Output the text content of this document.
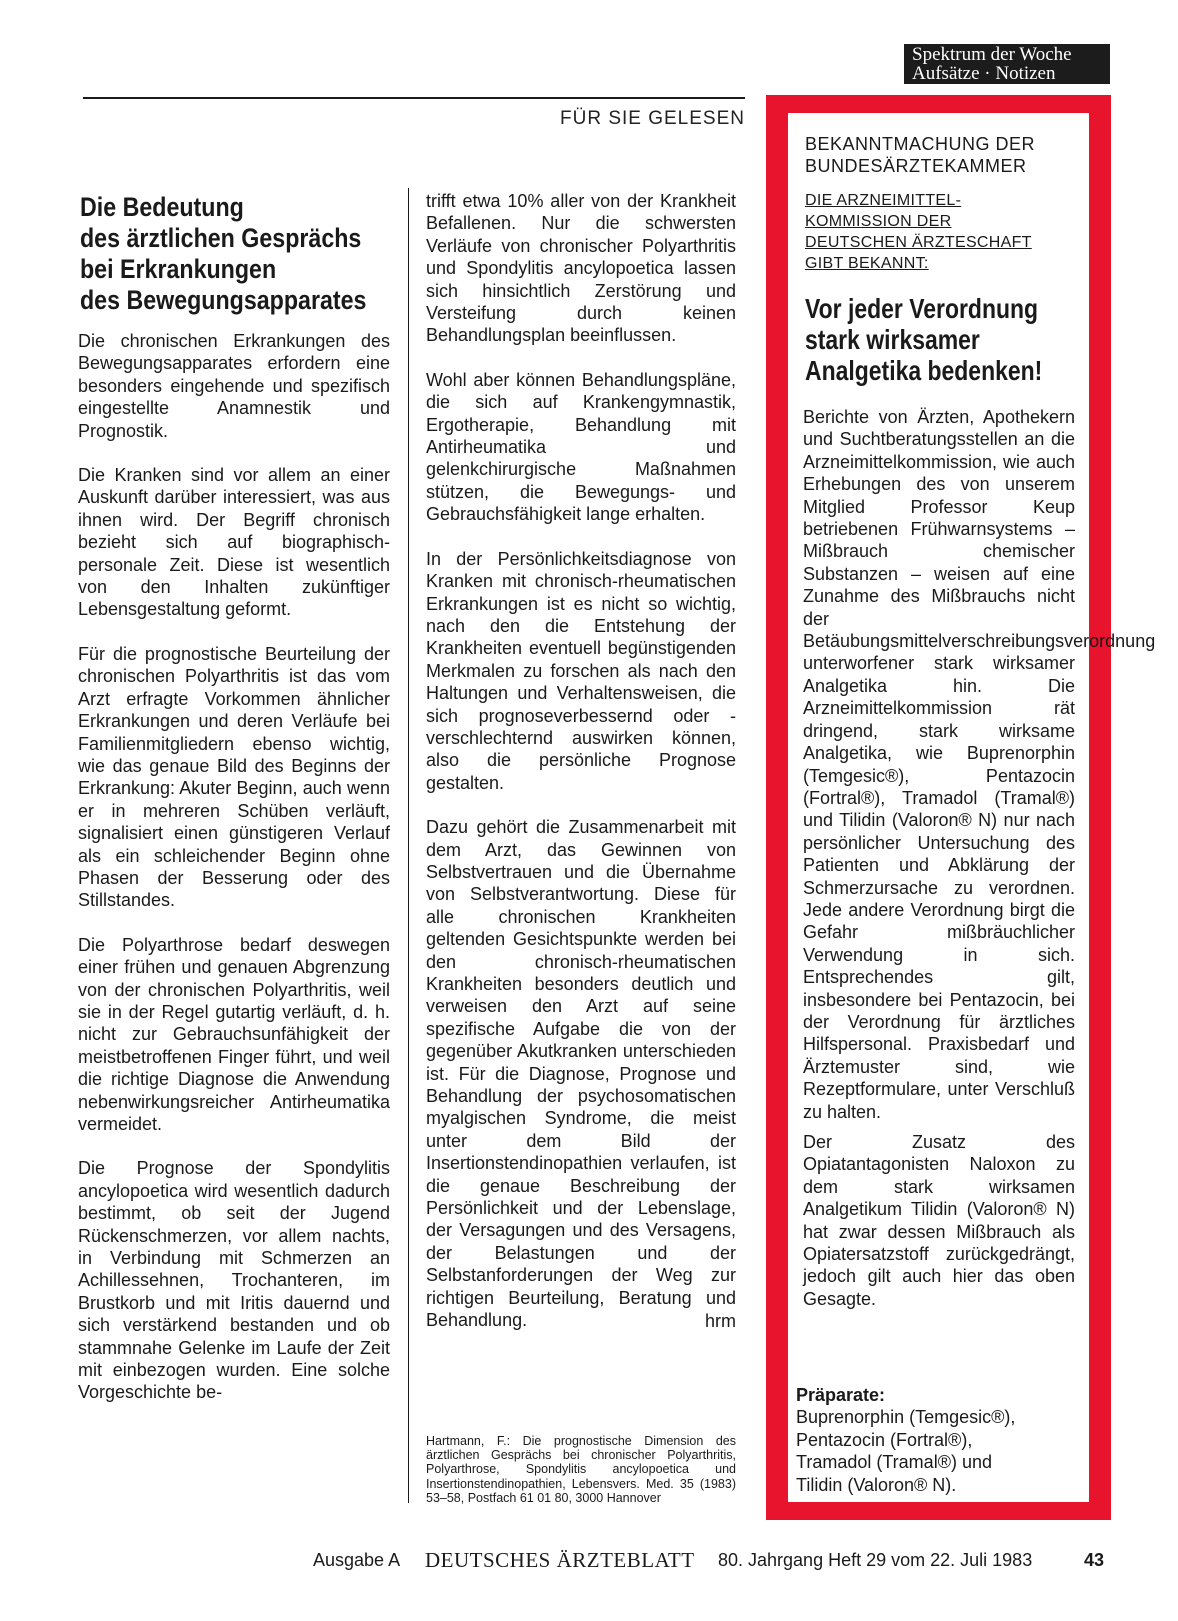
Spektrum der Woche
Aufsätze · Notizen
FÜR SIE GELESEN
Die Bedeutung
des ärztlichen Gesprächs
bei Erkrankungen
des Bewegungsapparates

Die chronischen Erkrankungen des Bewegungsapparates erfordern eine besonders eingehende und spezifisch eingestellte Anamnestik und Prognostik.

Die Kranken sind vor allem an einer Auskunft darüber interessiert, was aus ihnen wird. Der Begriff chronisch bezieht sich auf biographisch-personale Zeit. Diese ist wesentlich von den Inhalten zukünftiger Lebensgestaltung geformt.

Für die prognostische Beurteilung der chronischen Polyarthritis ist das vom Arzt erfragte Vorkommen ähnlicher Erkrankungen und deren Verläufe bei Familienmitgliedern ebenso wichtig, wie das genaue Bild des Beginns der Erkrankung: Akuter Beginn, auch wenn er in mehreren Schüben verläuft, signalisiert einen günstigeren Verlauf als ein schleichender Beginn ohne Phasen der Besserung oder des Stillstandes.

Die Polyarthrose bedarf deswegen einer frühen und genauen Abgrenzung von der chronischen Polyarthritis, weil sie in der Regel gutartig verläuft, d. h. nicht zur Gebrauchsunfähigkeit der meistbetroffenen Finger führt, und weil die richtige Diagnose die Anwendung nebenwirkungsreicher Antirheumatika vermeidet.

Die Prognose der Spondylitis ancylopoetica wird wesentlich dadurch bestimmt, ob seit der Jugend Rückenschmerzen, vor allem nachts, in Verbindung mit Schmerzen an Achillessehnen, Trochanteren, im Brustkorb und mit Iritis dauernd und sich verstärkend bestanden und ob stammnahe Gelenke im Laufe der Zeit mit einbezogen wurden. Eine solche Vorgeschichte be-

trifft etwa 10% aller von der Krankheit Befallenen. Nur die schwersten Verläufe von chronischer Polyarthritis und Spondylitis ancylopoetica lassen sich hinsichtlich Zerstörung und Versteifung durch keinen Behandlungsplan beeinflussen.

Wohl aber können Behandlungspläne, die sich auf Krankengymnastik, Ergotherapie, Behandlung mit Antirheumatika und gelenkchirurgische Maßnahmen stützen, die Bewegungs- und Gebrauchsfähigkeit lange erhalten.

In der Persönlichkeitsdiagnose von Kranken mit chronisch-rheumatischen Erkrankungen ist es nicht so wichtig, nach den die Entstehung der Krankheiten eventuell begünstigenden Merkmalen zu forschen als nach den Haltungen und Verhaltensweisen, die sich prognoseverbessernd oder -verschlechternd auswirken können, also die persönliche Prognose gestalten.

Dazu gehört die Zusammenarbeit mit dem Arzt, das Gewinnen von Selbstvertrauen und die Übernahme von Selbstverantwortung. Diese für alle chronischen Krankheiten geltenden Gesichtspunkte werden bei den chronisch-rheumatischen Krankheiten besonders deutlich und verweisen den Arzt auf seine spezifische Aufgabe die von der gegenüber Akutkranken unterschieden ist. Für die Diagnose, Prognose und Behandlung der psychosomatischen myalgischen Syndrome, die meist unter dem Bild der Insertionstendinopathien verlaufen, ist die genaue Beschreibung der Persönlichkeit und der Lebenslage, der Versagungen und des Versagens, der Belastungen und der Selbstanforderungen der Weg zur richtigen Beurteilung, Beratung und Behandlung.	hrm
Hartmann, F.: Die prognostische Dimension des ärztlichen Gesprächs bei chronischer Polyarthritis, Polyarthrose, Spondylitis ancylopoetica und Insertionstendinopathien, Lebensvers. Med. 35 (1983) 53–58, Postfach 61 01 80, 3000 Hannover
BEKANNTMACHUNG DER
BUNDESÄRZTEKAMMER
DIE ARZNEIMITTEL-
KOMMISSION DER
DEUTSCHEN ÄRZTESCHAFT
GIBT BEKANNT:
Vor jeder Verordnung
stark wirksamer
Analgetika bedenken!

Berichte von Ärzten, Apothekern und Suchtberatungsstellen an die Arzneimittelkommission, wie auch Erhebungen des von unserem Mitglied Professor Keup betriebenen Frühwarnsystems – Mißbrauch chemischer Substanzen – weisen auf eine Zunahme des Mißbrauchs nicht der Betäubungsmittelverschreibungsverordnung unterworfener stark wirksamer Analgetika hin. Die Arzneimittelkommission rät dringend, stark wirksame Analgetika, wie Buprenorphin (Temgesic®), Pentazocin (Fortral®), Tramadol (Tramal®) und Tilidin (Valoron® N) nur nach persönlicher Untersuchung des Patienten und Abklärung der Schmerzursache zu verordnen. Jede andere Verordnung birgt die Gefahr mißbräuchlicher Verwendung in sich. Entsprechendes gilt, insbesondere bei Pentazocin, bei der Verordnung für ärztliches Hilfspersonal. Praxisbedarf und Ärztemuster sind, wie Rezeptformulare, unter Verschluß zu halten.

Der Zusatz des Opiatantagonisten Naloxon zu dem stark wirksamen Analgetikum Tilidin (Valoron® N) hat zwar dessen Mißbrauch als Opiatersatzstoff zurückgedrängt, jedoch gilt auch hier das oben Gesagte.

Präparate:
Buprenorphin (Temgesic®),
Pentazocin (Fortral®),
Tramadol (Tramal®) und
Tilidin (Valoron® N).
Ausgabe A DEUTSCHES ÄRZTEBLATT 80. Jahrgang Heft 29 vom 22. Juli 1983	43
